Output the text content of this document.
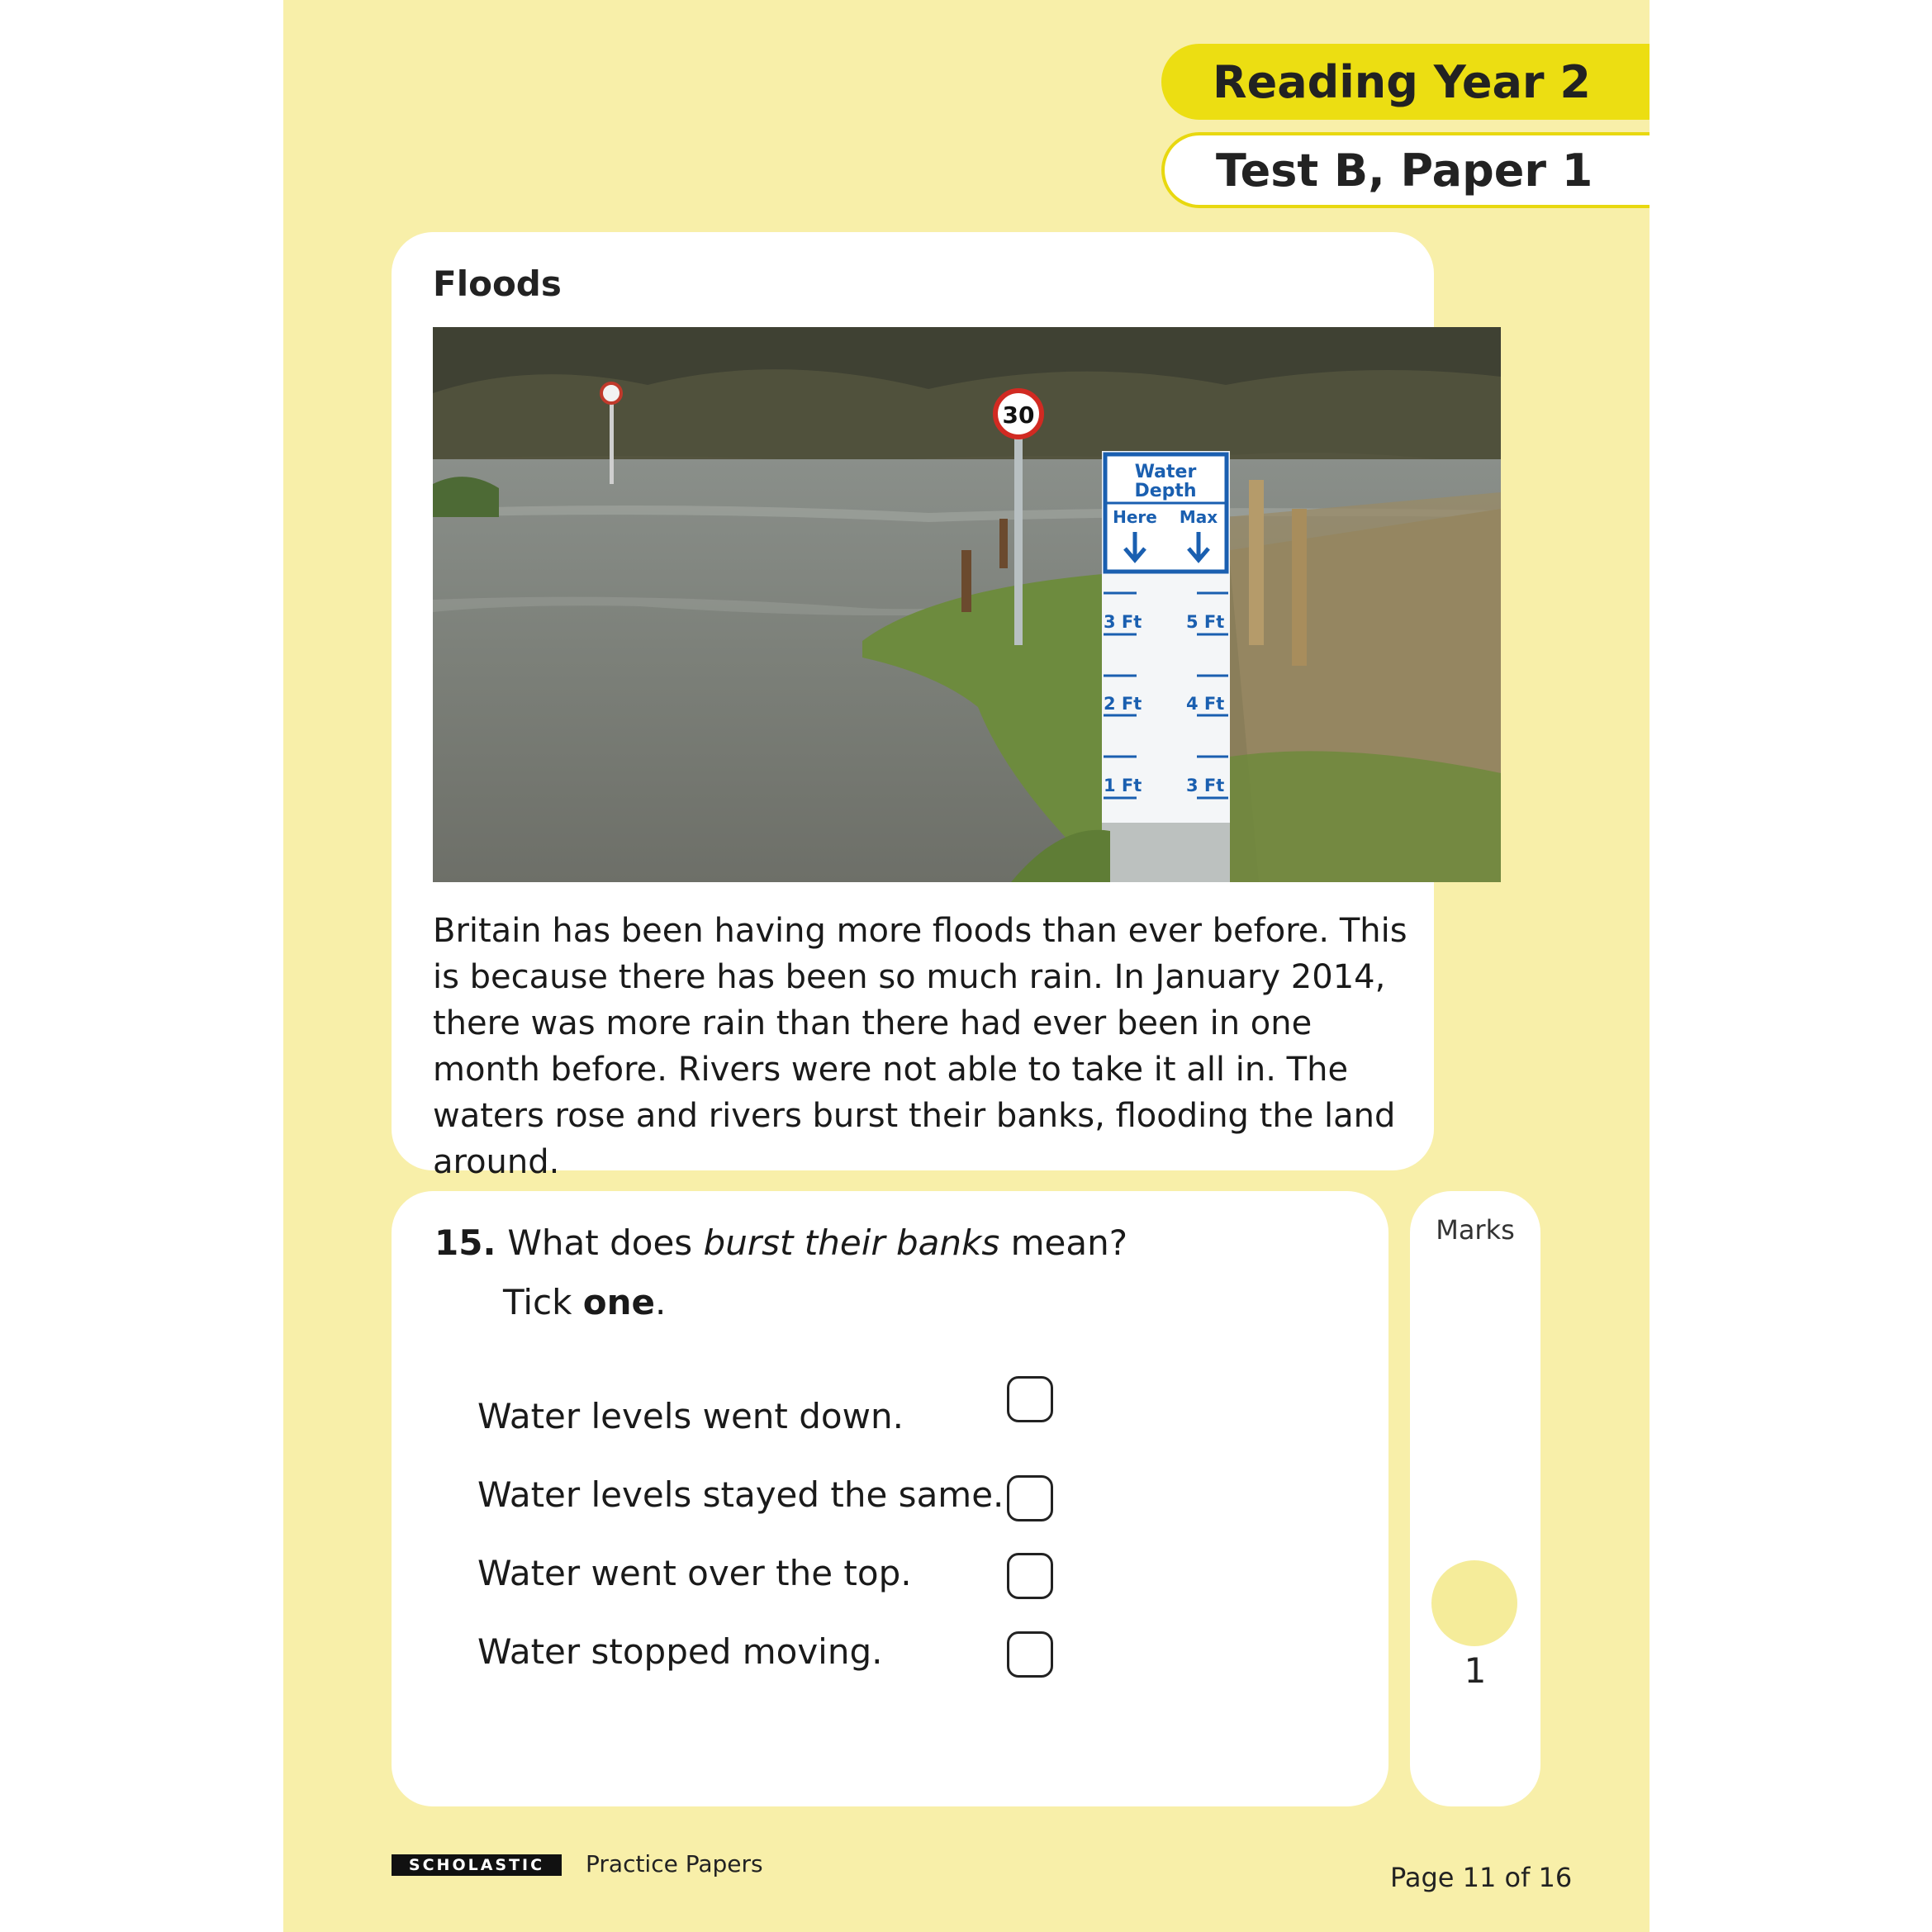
Reading Year 2
Test B, Paper 1
Floods
30
Water
Depth
Here Max
3 Ft	5 Ft
2 Ft	4 Ft
1 Ft	3 Ft
Britain has been having more floods than ever before. This is because there has been so much rain. In January 2014, there was more rain than there had ever been in one month before. Rivers were not able to take it all in. The waters rose and rivers burst their banks, flooding the land around.
15. What does burst their banks mean?
Tick one.
Water levels went down.
Water levels stayed the same.
Water went over the top.
Water stopped moving.
Marks
1
SCHOLASTIC	Practice Papers	Page 11 of 16
